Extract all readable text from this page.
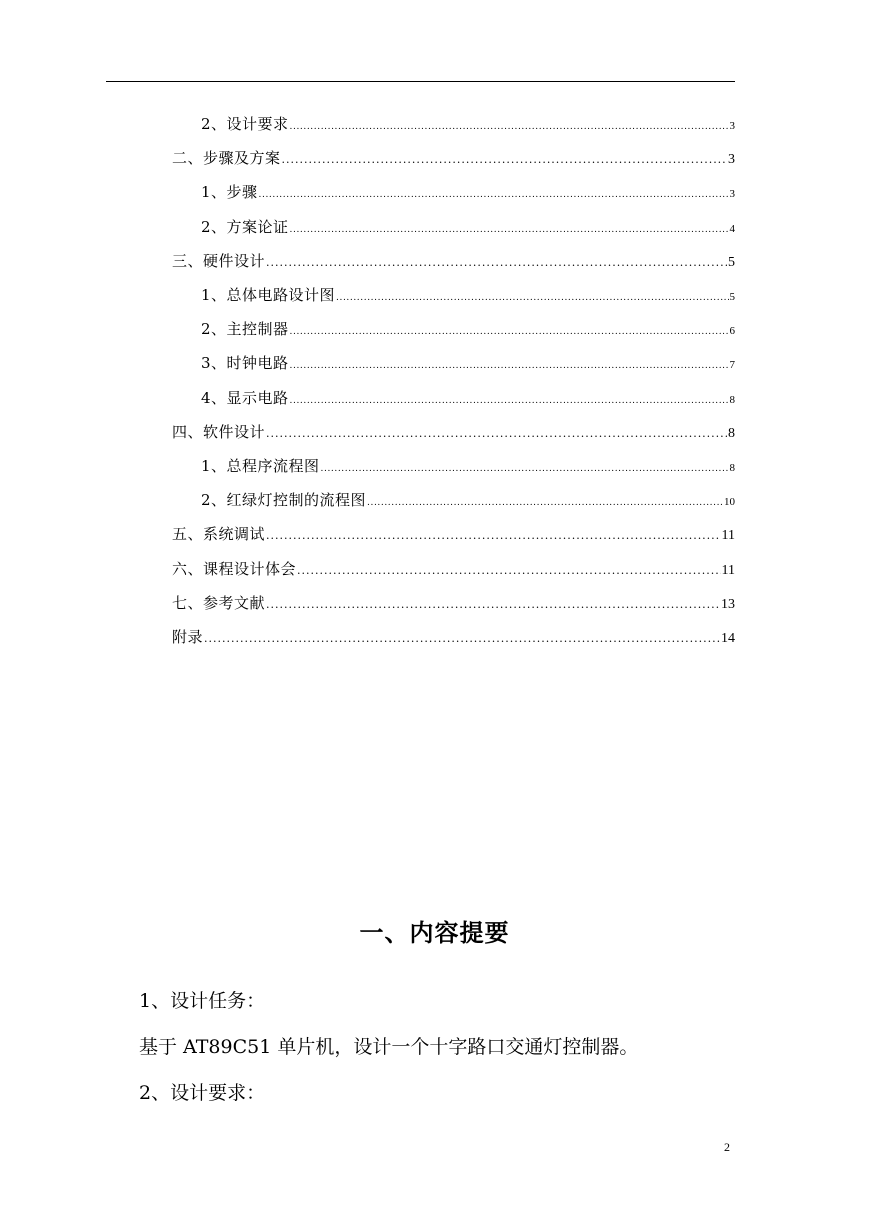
2、设计要求 .....	3
二、步骤及方案 .....	3
1、步骤 .....	3
2、方案论证 .....	4
三、硬件设计 .....	5
1、总体电路设计图 .....	5
2、主控制器 .....	6
3、时钟电路 .....	7
4、显示电路 .....	8
四、软件设计 .....	8
1、总程序流程图 .....	8
2、红绿灯控制的流程图 .....	10
五、系统调试 .....	11
六、课程设计体会 .....	11
七、参考文献 .....	13
附录 .....	14
一、内容提要
1、设计任务：
基于 AT89C51 单片机，设计一个十字路口交通灯控制器。
2、设计要求：
2
